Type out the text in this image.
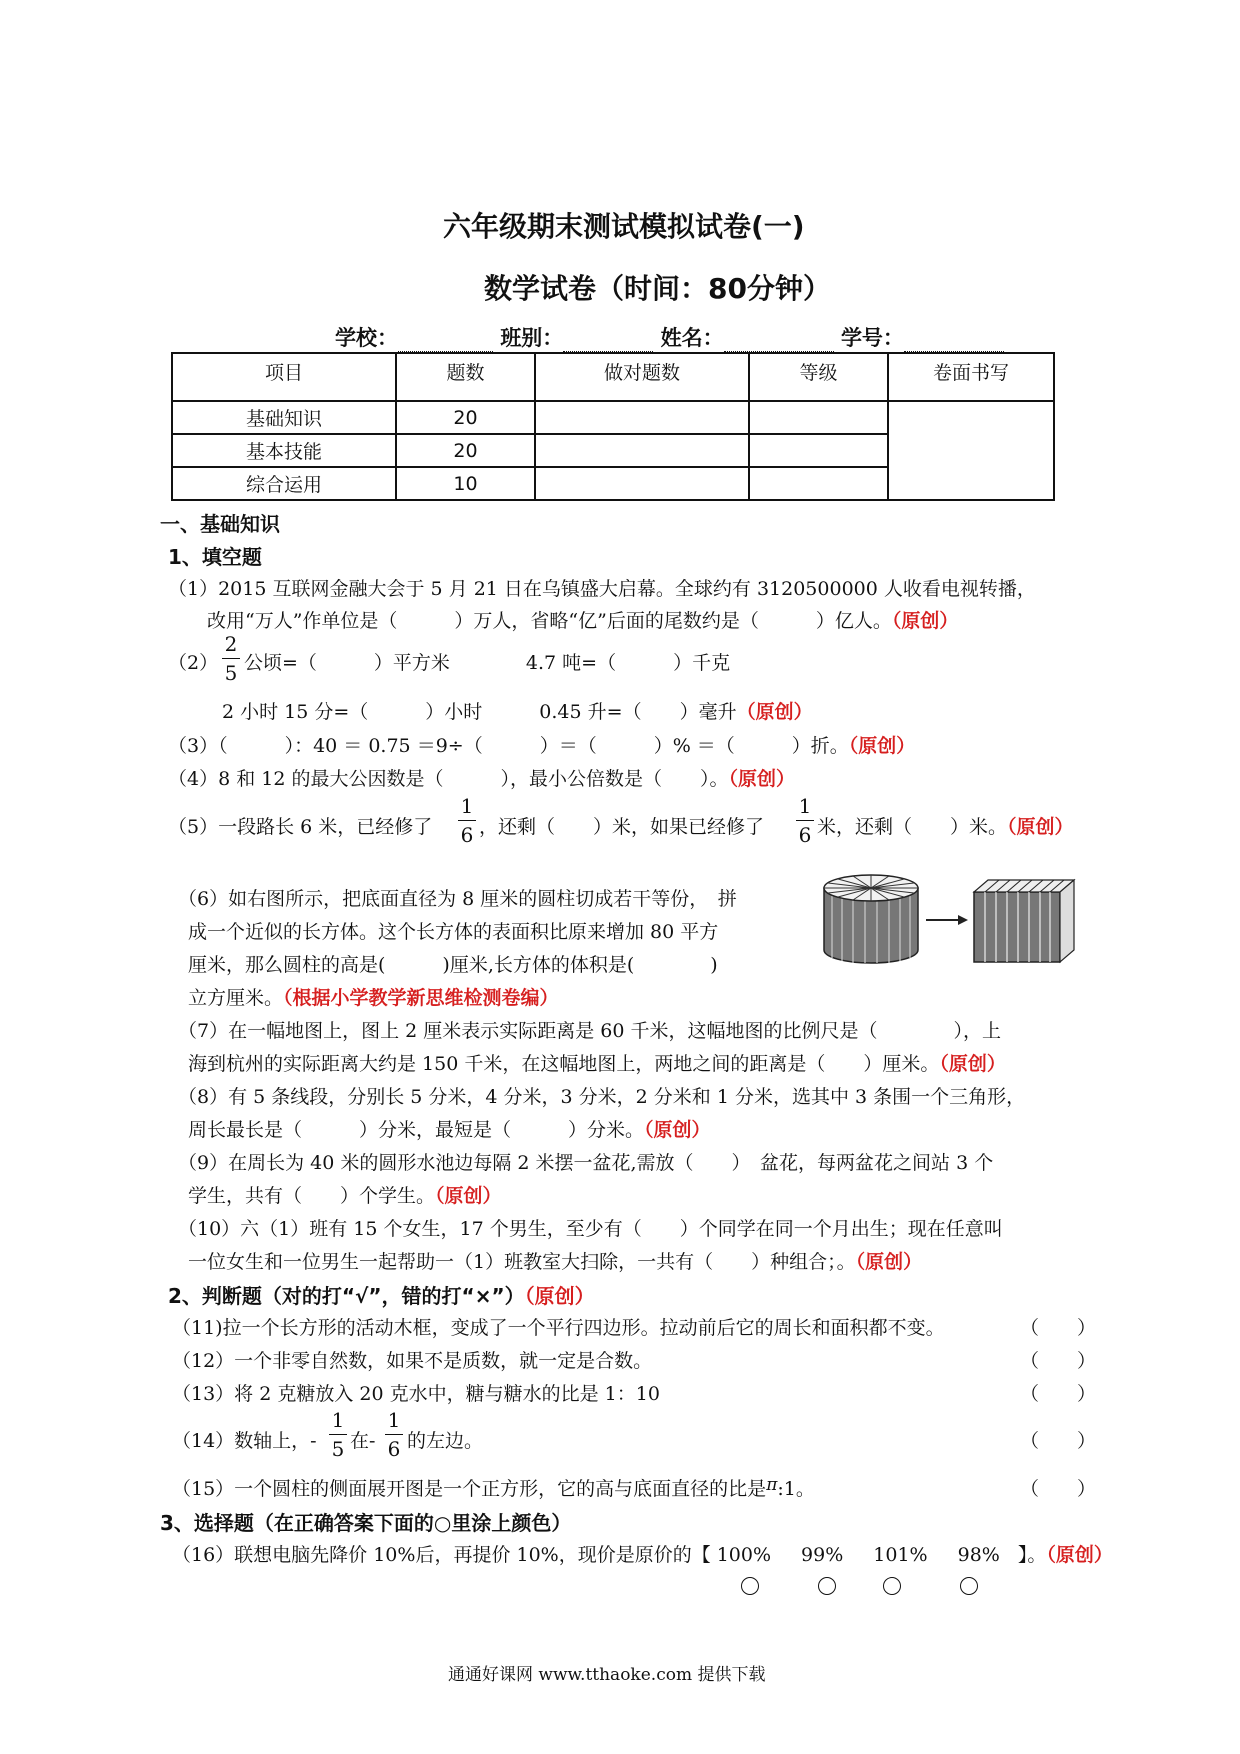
六年级期末测试模拟试卷(一)
数学试卷（时间：80分钟）
学校：	班别：	姓名：	学号：
项目	题数	做对题数	等级	卷面书写
基础知识	20			
基本技能	20			
综合运用	10			
一、基础知识
1、填空题
（1）2015 互联网金融大会于 5 月 21 日在乌镇盛大启幕。全球约有 3120500000 人收看电视转播，
改用“万人”作单位是（　　　）万人，省略“亿”后面的尾数约是（　　　）亿人。（原创）
（2）
2
5 公顷=（　　　）平方米　　　　4.7 吨=（　　　）千克
2 小时 15 分=（　　　）小时　　　0.45 升=（　　）毫升（原创）
（3）（　　　）：40 ＝ 0.75 ＝9÷（　　　）＝（　　　）% ＝（　　　）折。（原创）
（4）8 和 12 的最大公因数是（　　　），最小公倍数是（　　）。（原创）
（5）一段路长 6 米，已经修了
1
6 ，还剩（　　）米，如果已经修了
1
6 米，还剩（　　）米。（原创）
（6）如右图所示，把底面直径为 8 厘米的圆柱切成若干等份，　拼
成一个近似的长方体。这个长方体的表面积比原来增加 80 平方
厘米，那么圆柱的高是(　　　)厘米,长方体的体积是(　　　　)
立方厘米。（根据小学教学新思维检测卷编）
（7）在一幅地图上，图上 2 厘米表示实际距离是 60 千米，这幅地图的比例尺是（　　　　），上
海到杭州的实际距离大约是 150 千米，在这幅地图上，两地之间的距离是（　　）厘米。（原创）
（8）有 5 条线段，分别长 5 分米，4 分米，3 分米，2 分米和 1 分米，选其中 3 条围一个三角形，
周长最长是（　　　）分米，最短是（　　　）分米。（原创）
（9）在周长为 40 米的圆形水池边每隔 2 米摆一盆花,需放（　　）　盆花，每两盆花之间站 3 个
学生，共有（　　）个学生。（原创）
（10）六（1）班有 15 个女生，17 个男生，至少有（　　）个同学在同一个月出生；现在任意叫
一位女生和一位男生一起帮助一（1）班教室大扫除，一共有（　　）种组合；。（原创）
2、判断题（对的打“√”，错的打“×”）（原创）
（11)拉一个长方形的活动木框，变成了一个平行四边形。拉动前后它的周长和面积都不变。	（　　）
（12）一个非零自然数，如果不是质数，就一定是合数。	（　　）
（13）将 2 克糖放入 20 克水中，糖与糖水的比是 1：10	（　　）
（14）数轴上，-
1
5 在-
1
6 的左边。	（　　）
（15）一个圆柱的侧面展开图是一个正方形，它的高与底面直径的比是π:1。	（　　）
3、选择题（在正确答案下面的○里涂上颜色）
（16）联想电脑先降价 10%后，再提价 10%，现价是原价的【 100% 99% 101% 98% 】。（原创）
通通好课网 www.tthaoke.com 提供下载
